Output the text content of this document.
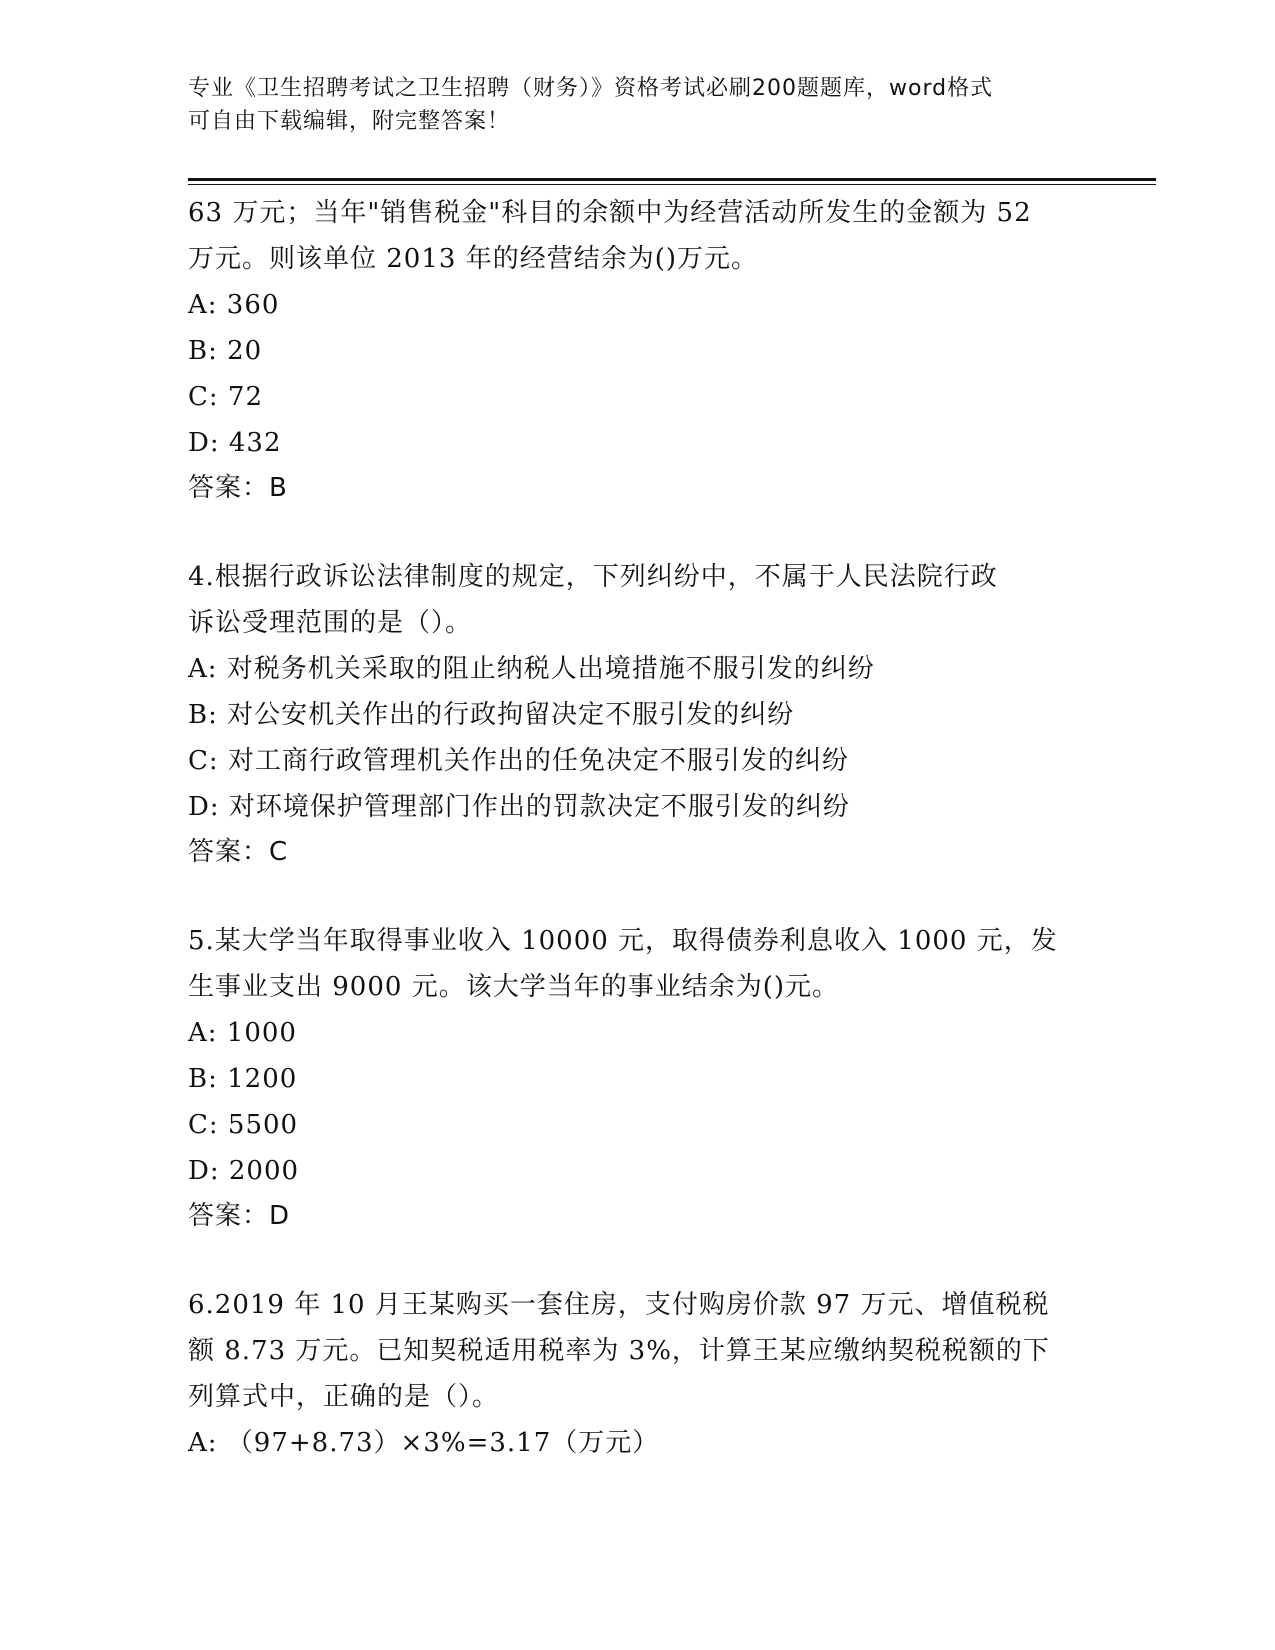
专业《卫生招聘考试之卫生招聘（财务）》资格考试必刷200题题库，word格式
可自由下载编辑，附完整答案！

63 万元；当年"销售税金"科目的余额中为经营活动所发生的金额为 52

万元。则该单位 2013 年的经营结余为()万元。

A: 360

B: 20

C: 72

D: 432

答案：B

4.根据行政诉讼法律制度的规定，下列纠纷中，不属于人民法院行政

诉讼受理范围的是（）。

A: 对税务机关采取的阻止纳税人出境措施不服引发的纠纷

B: 对公安机关作出的行政拘留决定不服引发的纠纷

C: 对工商行政管理机关作出的任免决定不服引发的纠纷

D: 对环境保护管理部门作出的罚款决定不服引发的纠纷

答案：C

5.某大学当年取得事业收入 10000 元，取得债券利息收入 1000 元，发

生事业支出 9000 元。该大学当年的事业结余为()元。

A: 1000

B: 1200

C: 5500

D: 2000

答案：D

6.2019 年 10 月王某购买一套住房，支付购房价款 97 万元、增值税税

额 8.73 万元。已知契税适用税率为 3%，计算王某应缴纳契税税额的下

列算式中，正确的是（）。

A: （97+8.73）×3%=3.17（万元）
